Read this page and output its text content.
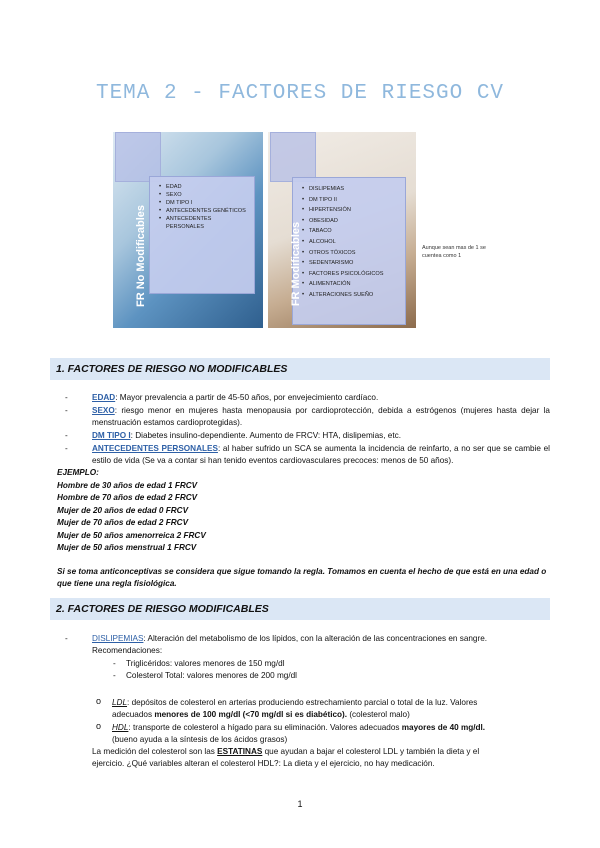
TEMA 2 - FACTORES DE RIESGO CV
• EDAD
• SEXO
• DM TIPO I
• ANTECEDENTES GENÉTICOS
• ANTECEDENTES PERSONALES
FR No Modificables
• DISLIPEMIAS
• DM TIPO II
• HIPERTENSIÓN
• OBESIDAD
• TABACO
• ALCOHOL
• OTROS TÓXICOS
• SEDENTARISMO
• FACTORES PSICOLÓGICOS
• ALIMENTACIÓN
• ALTERACIONES SUEÑO
FR Modificables	Aunque sean mas de 1 se cuentea como 1
1. FACTORES DE RIESGO NO MODIFICABLES
-	EDAD: Mayor prevalencia a partir de 45-50 años, por envejecimiento cardíaco.
-	SEXO: riesgo menor en mujeres hasta menopausia por cardioprotección, debida a estrógenos (mujeres hasta dejar la menstruación estamos cardioprotegidas).
-	DM TIPO I: Diabetes insulino-dependiente. Aumento de FRCV: HTA, dislipemias, etc.
-	ANTECEDENTES PERSONALES: al haber sufrido un SCA se aumenta la incidencia de reinfarto, a no ser que se cambie el estilo de vida (Se va a contar si han tenido eventos cardiovasculares precoces: menos de 50 años).
EJEMPLO:
Hombre de 30 años de edad 1 FRCV
Hombre de 70 años de edad 2 FRCV
Mujer de 20 años de edad 0 FRCV
Mujer de 70 años de edad 2 FRCV
Mujer de 50 años amenorreica 2 FRCV
Mujer de 50 años menstrual 1 FRCV
Si se toma anticonceptivas se considera que sigue tomando la regla. Tomamos en cuenta el hecho de que está en una edad o que tiene una regla fisiológica.
2. FACTORES DE RIESGO MODIFICABLES
-	DISLIPEMIAS: Alteración del metabolismo de los lípidos, con la alteración de las concentraciones en sangre.
Recomendaciones:
- Triglicéridos: valores menores de 150 mg/dl
- Colesterol Total: valores menores de 200 mg/dl
o LDL: depósitos de colesterol en arterias produciendo estrechamiento parcial o total de la luz. Valores
adecuados menores de 100 mg/dl (<70 mg/dl si es diabético). (colesterol malo)
o HDL: transporte de colesterol a hígado para su eliminación. Valores adecuados mayores de 40 mg/dl.
(bueno ayuda a la síntesis de los ácidos grasos)
La medición del colesterol son las ESTATINAS que ayudan a bajar el colesterol LDL y también la dieta y el
ejercicio. ¿Qué variables alteran el colesterol HDL?: La dieta y el ejercicio, no hay medicación.
1
